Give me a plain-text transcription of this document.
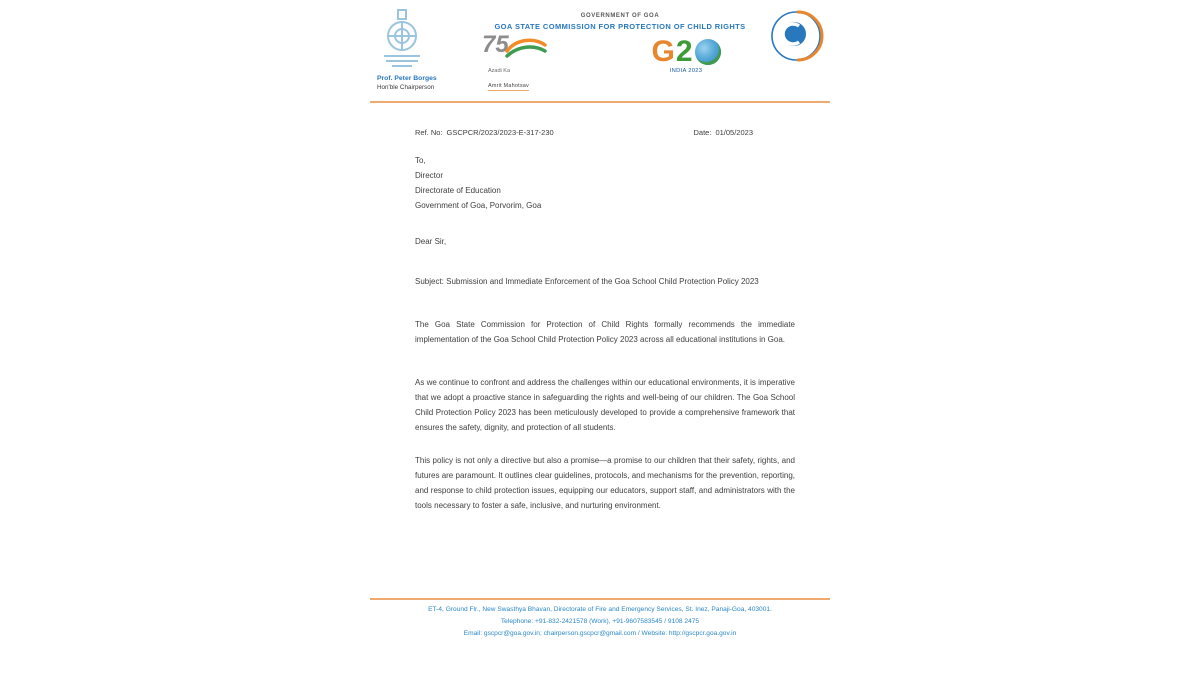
GOVERNMENT OF GOA
GOA STATE COMMISSION FOR PROTECTION OF CHILD RIGHTS
Prof. Peter Borges
Hon'ble Chairperson
75
Azadi Ka
Amrit Mahotsav
G 2
INDIA 2023
Ref. No: GSCPCR/2023/2023-E-317-230	Date: 01/05/2023
To,
Director
Directorate of Education
Government of Goa, Porvorim, Goa
Dear Sir,
Subject: Submission and Immediate Enforcement of the Goa School Child Protection Policy 2023

The Goa State Commission for Protection of Child Rights formally recommends the immediate implementation of the Goa School Child Protection Policy 2023 across all educational institutions in Goa.

As we continue to confront and address the challenges within our educational environments, it is imperative that we adopt a proactive stance in safeguarding the rights and well-being of our children. The Goa School Child Protection Policy 2023 has been meticulously developed to provide a comprehensive framework that ensures the safety, dignity, and protection of all students.

This policy is not only a directive but also a promise—a promise to our children that their safety, rights, and futures are paramount. It outlines clear guidelines, protocols, and mechanisms for the prevention, reporting, and response to child protection issues, equipping our educators, support staff, and administrators with the tools necessary to foster a safe, inclusive, and nurturing environment.

ET-4, Ground Flr., New Swasthya Bhavan, Directorate of Fire and Emergency Services, St. Inez, Panaji-Goa, 403001.
Telephone: +91-832-2421578 (Work), +91-9607583545 / 9108 2475
Email: gscpcr@goa.gov.in; chairperson.gscpcr@gmail.com / Website: http://gscpcr.goa.gov.in
